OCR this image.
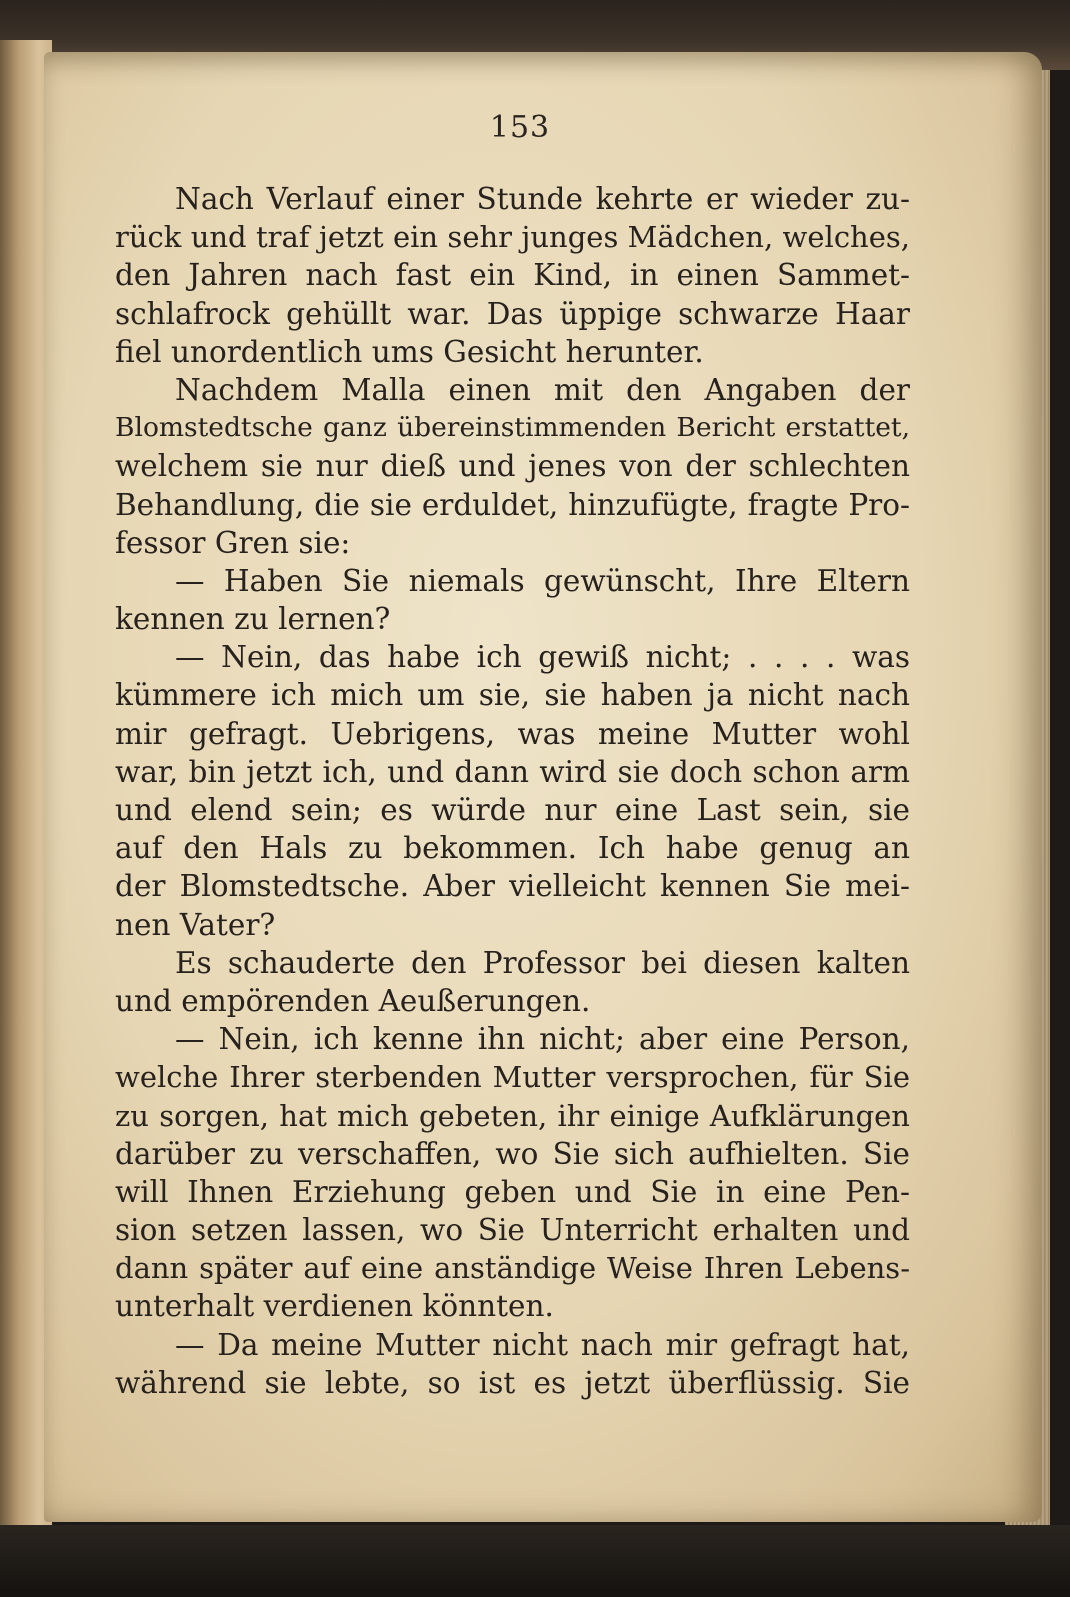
153
Nach Verlauf einer Stunde kehrte er wieder zu-
rück und traf jetzt ein sehr junges Mädchen, welches,
den Jahren nach fast ein Kind, in einen Sammet-
schlafrock gehüllt war. Das üppige schwarze Haar
fiel unordentlich ums Gesicht herunter.
Nachdem Malla einen mit den Angaben der
Blomstedtsche ganz übereinstimmenden Bericht erstattet,
welchem sie nur dieß und jenes von der schlechten
Behandlung, die sie erduldet, hinzufügte, fragte Pro-
fessor Gren sie:
— Haben Sie niemals gewünscht, Ihre Eltern
kennen zu lernen?
— Nein, das habe ich gewiß nicht; . . . . was
kümmere ich mich um sie, sie haben ja nicht nach
mir gefragt. Uebrigens, was meine Mutter wohl
war, bin jetzt ich, und dann wird sie doch schon arm
und elend sein; es würde nur eine Last sein, sie
auf den Hals zu bekommen. Ich habe genug an
der Blomstedtsche. Aber vielleicht kennen Sie mei-
nen Vater?
Es schauderte den Professor bei diesen kalten
und empörenden Aeußerungen.
— Nein, ich kenne ihn nicht; aber eine Person,
welche Ihrer sterbenden Mutter versprochen, für Sie
zu sorgen, hat mich gebeten, ihr einige Aufklärungen
darüber zu verschaffen, wo Sie sich aufhielten. Sie
will Ihnen Erziehung geben und Sie in eine Pen-
sion setzen lassen, wo Sie Unterricht erhalten und
dann später auf eine anständige Weise Ihren Lebens-
unterhalt verdienen könnten.
— Da meine Mutter nicht nach mir gefragt hat,
während sie lebte, so ist es jetzt überflüssig. Sie
